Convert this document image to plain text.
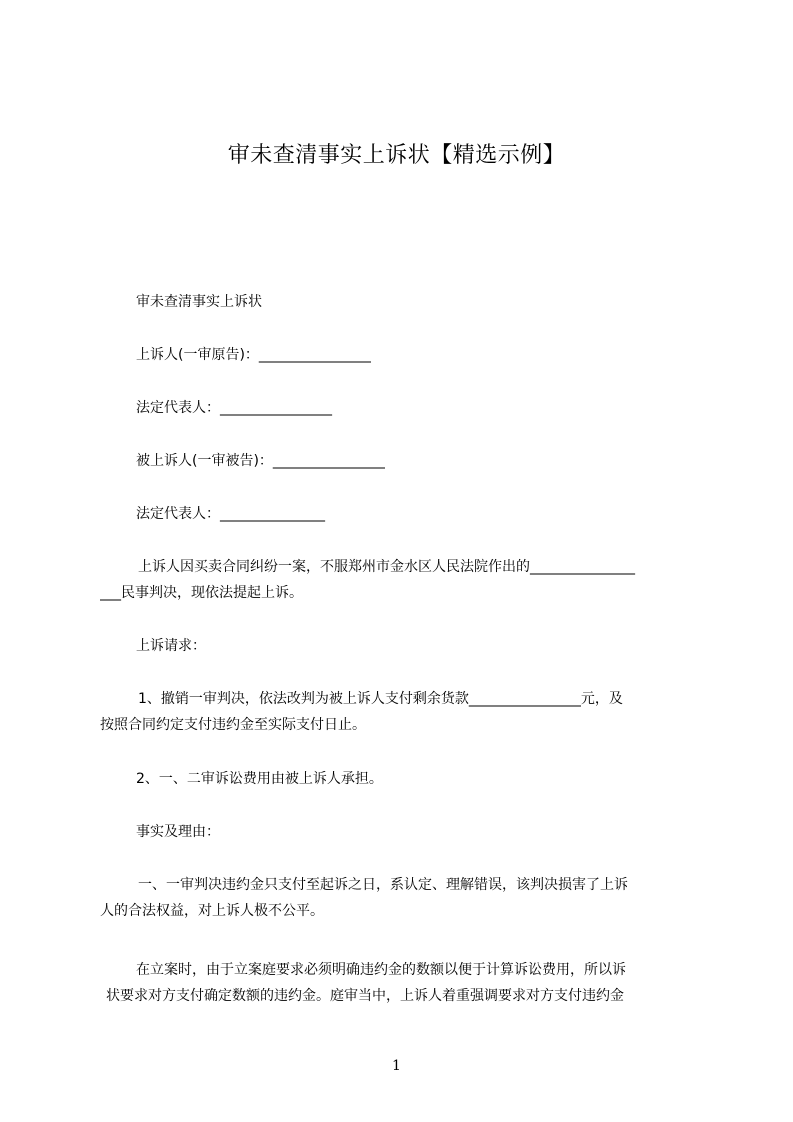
审未查清事实上诉状【精选示例】
审未查清事实上诉状
上诉人(一审原告)：________________
法定代表人：________________
被上诉人(一审被告)：________________
法定代表人：_______________
上诉人因买卖合同纠纷一案，不服郑州市金水区人民法院作出的_______________
___民事判决，现依法提起上诉。
上诉请求：
1、撤销一审判决，依法改判为被上诉人支付剩余货款________________元，及
按照合同约定支付违约金至实际支付日止。
2、一、二审诉讼费用由被上诉人承担。
事实及理由：
一、一审判决违约金只支付至起诉之日，系认定、理解错误，该判决损害了上诉
人的合法权益，对上诉人极不公平。
在立案时，由于立案庭要求必须明确违约金的数额以便于计算诉讼费用，所以诉
状要求对方支付确定数额的违约金。庭审当中，上诉人着重强调要求对方支付违约金
1
